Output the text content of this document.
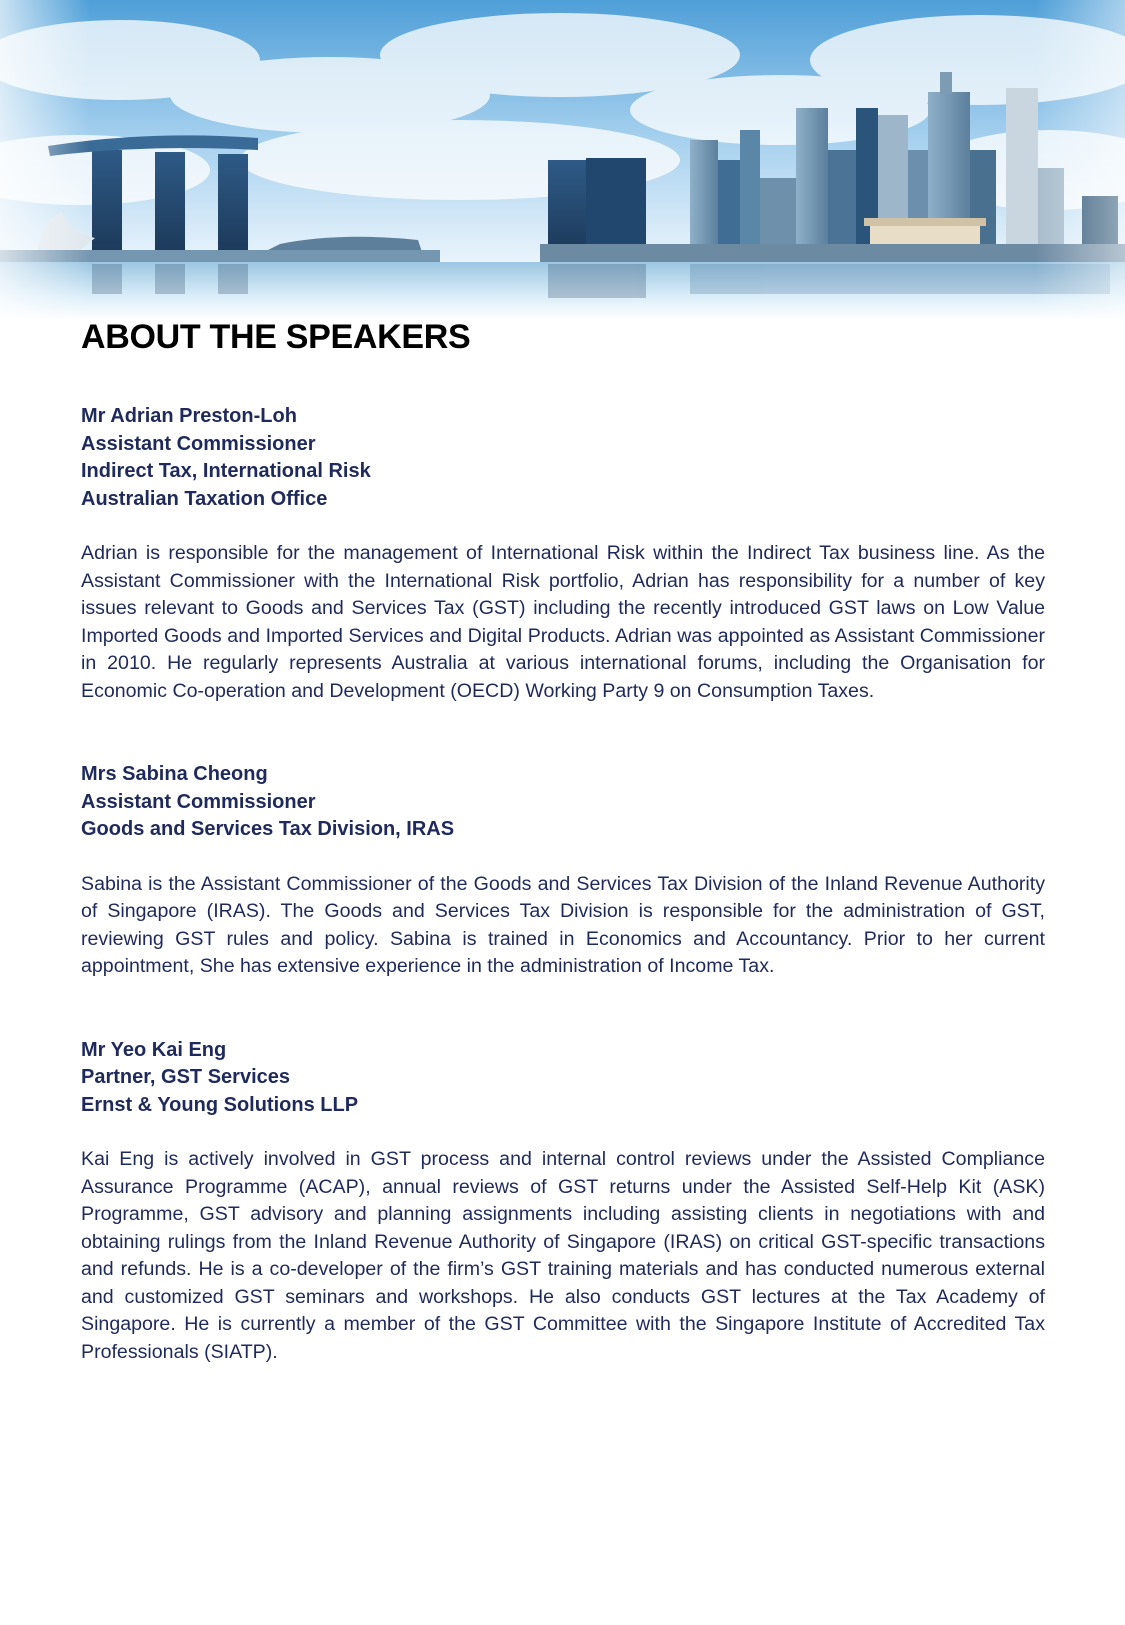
ABOUT THE SPEAKERS
Mr Adrian Preston-Loh
Assistant Commissioner
Indirect Tax, International Risk
Australian Taxation Office

Adrian is responsible for the management of International Risk within the Indirect Tax business line. As the Assistant Commissioner with the International Risk portfolio, Adrian has responsibility for a number of key issues relevant to Goods and Services Tax (GST) including the recently introduced GST laws on Low Value Imported Goods and Imported Services and Digital Products. Adrian was appointed as Assistant Commissioner in 2010. He regularly represents Australia at various international forums, including the Organisation for Economic Co-operation and Development (OECD) Working Party 9 on Consumption Taxes.

Mrs Sabina Cheong
Assistant Commissioner
Goods and Services Tax Division, IRAS

Sabina is the Assistant Commissioner of the Goods and Services Tax Division of the Inland Revenue Authority of Singapore (IRAS). The Goods and Services Tax Division is responsible for the administration of GST, reviewing GST rules and policy. Sabina is trained in Economics and Accountancy. Prior to her current appointment, She has extensive experience in the administration of Income Tax.

Mr Yeo Kai Eng
Partner, GST Services
Ernst & Young Solutions LLP

Kai Eng is actively involved in GST process and internal control reviews under the Assisted Compliance Assurance Programme (ACAP), annual reviews of GST returns under the Assisted Self-Help Kit (ASK) Programme, GST advisory and planning assignments including assisting clients in negotiations with and obtaining rulings from the Inland Revenue Authority of Singapore (IRAS) on critical GST-specific transactions and refunds. He is a co-developer of the firm’s GST training materials and has conducted numerous external and customized GST seminars and workshops. He also conducts GST lectures at the Tax Academy of Singapore. He is currently a member of the GST Committee with the Singapore Institute of Accredited Tax Professionals (SIATP).
